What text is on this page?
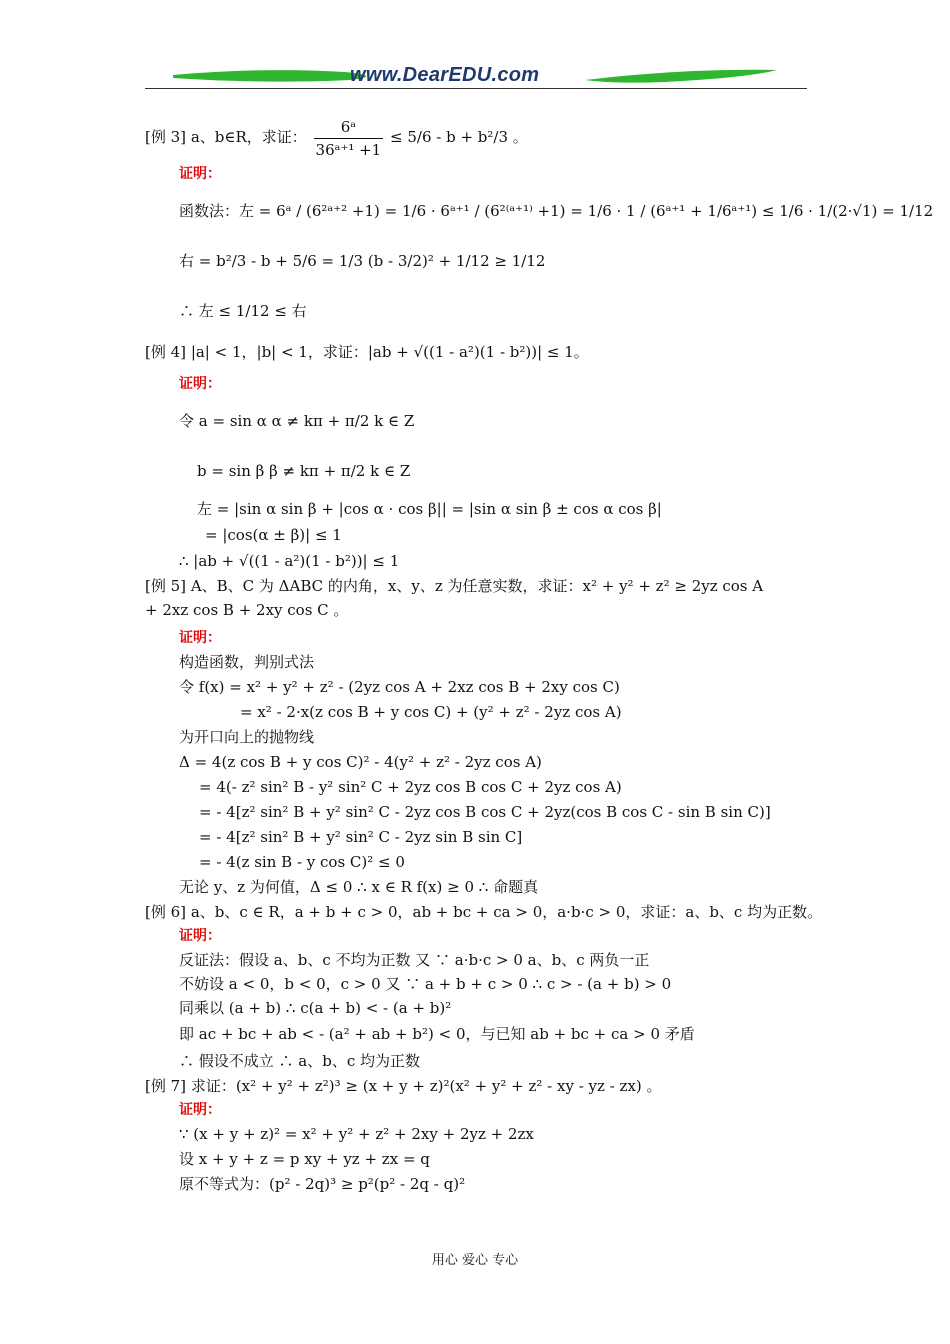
www.DearEDU.com
[例 3] a、b∈R，求证： $\frac{\text{6ᵃ}}{\text{36ᵃ⁺¹ +1}} \le 5/6 - b + b^2/3$ 。
证明：
函数法：左 = 6ᵃ / (6²ᵃ⁺² +1) = 1/6 · 6ᵃ⁺¹ / (6²⁽ᵃ⁺¹⁾ +1) = 1/6 · 1 / (6ᵃ⁺¹ + 1/6ᵃ⁺¹) ≤ 1/6 · 1/(2·√1) = 1/12
右 = b²/3 - b + 5/6 = 1/3 (b - 3/2)² + 1/12 ≥ 1/12
∴ 左 ≤ 1/12 ≤ 右
[例 4] |a| < 1，|b| < 1，求证：|ab + √((1 - a²)(1 - b²))| ≤ 1。
证明：
令 a = sin α α ≠ kπ + π/2 k ∈ Z
b = sin β β ≠ kπ + π/2 k ∈ Z
左 = |sin α sin β + |cos α · cos β|| = |sin α sin β ± cos α cos β|
= |cos(α ± β)| ≤ 1
∴ |ab + √((1 - a²)(1 - b²))| ≤ 1
[例 5] A、B、C 为 ΔABC 的内角，x、y、z 为任意实数，求证：x² + y² + z² ≥ 2yz cos A
+ 2xz cos B + 2xy cos C 。
证明：
构造函数，判别式法
令 f(x) = x² + y² + z² - (2yz cos A + 2xz cos B + 2xy cos C)
= x² - 2·x(z cos B + y cos C) + (y² + z² - 2yz cos A)
为开口向上的抛物线
Δ = 4(z cos B + y cos C)² - 4(y² + z² - 2yz cos A)
= 4(- z² sin² B - y² sin² C + 2yz cos B cos C + 2yz cos A)
= - 4[z² sin² B + y² sin² C - 2yz cos B cos C + 2yz(cos B cos C - sin B sin C)]
= - 4[z² sin² B + y² sin² C - 2yz sin B sin C]
= - 4(z sin B - y cos C)² ≤ 0
无论 y、z 为何值，Δ ≤ 0 ∴ x ∈ R f(x) ≥ 0 ∴ 命题真
[例 6] a、b、c ∈ R，a + b + c > 0，ab + bc + ca > 0，a·b·c > 0，求证：a、b、c 均为正数。
证明：
反证法：假设 a、b、c 不均为正数 又 ∵ a·b·c > 0 a、b、c 两负一正
不妨设 a < 0，b < 0，c > 0 又 ∵ a + b + c > 0 ∴ c > - (a + b) > 0
同乘以 (a + b) ∴ c(a + b) < - (a + b)²
即 ac + bc + ab < - (a² + ab + b²) < 0，与已知 ab + bc + ca > 0 矛盾
∴ 假设不成立 ∴ a、b、c 均为正数
[例 7] 求证：(x² + y² + z²)³ ≥ (x + y + z)²(x² + y² + z² - xy - yz - zx) 。
证明：
∵ (x + y + z)² = x² + y² + z² + 2xy + 2yz + 2zx
设 x + y + z = p xy + yz + zx = q
原不等式为：(p² - 2q)³ ≥ p²(p² - 2q - q)²
用心 爱心 专心
